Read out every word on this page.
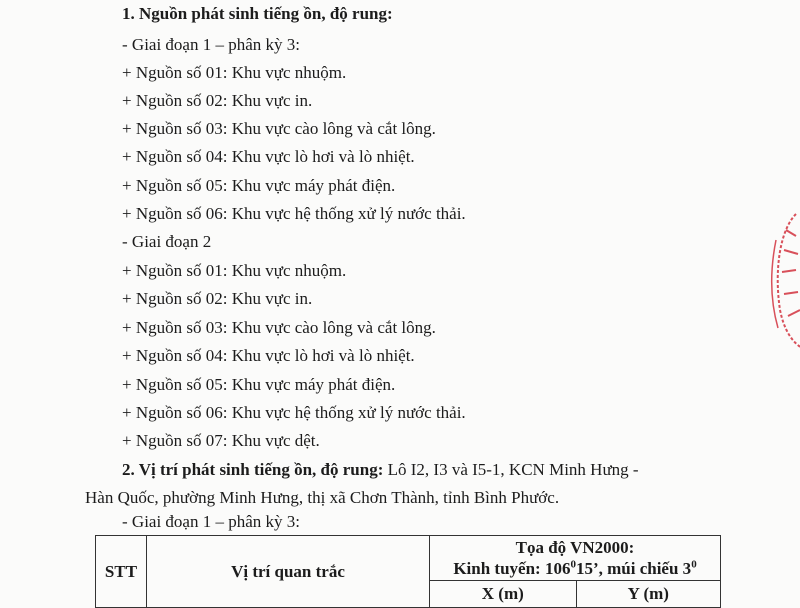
1. Nguồn phát sinh tiếng ồn, độ rung:
- Giai đoạn 1 – phân kỳ 3:
+ Nguồn số 01: Khu vực nhuộm.
+ Nguồn số 02: Khu vực in.
+ Nguồn số 03: Khu vực cào lông và cắt lông.
+ Nguồn số 04: Khu vực lò hơi và lò nhiệt.
+ Nguồn số 05: Khu vực máy phát điện.
+ Nguồn số 06: Khu vực hệ thống xử lý nước thải.
- Giai đoạn 2
+ Nguồn số 01: Khu vực nhuộm.
+ Nguồn số 02: Khu vực in.
+ Nguồn số 03: Khu vực cào lông và cắt lông.
+ Nguồn số 04: Khu vực lò hơi và lò nhiệt.
+ Nguồn số 05: Khu vực máy phát điện.
+ Nguồn số 06: Khu vực hệ thống xử lý nước thải.
+ Nguồn số 07: Khu vực dệt.
2. Vị trí phát sinh tiếng ồn, độ rung: Lô I2, I3 và I5-1, KCN Minh Hưng -
Hàn Quốc, phường Minh Hưng, thị xã Chơn Thành, tỉnh Bình Phước.
- Giai đoạn 1 – phân kỳ 3:
STT	Vị trí quan trắc	Tọa độ VN2000:
Kinh tuyến: $106^015$’, múi chiếu $3^0$
		X (m)	Y (m)
